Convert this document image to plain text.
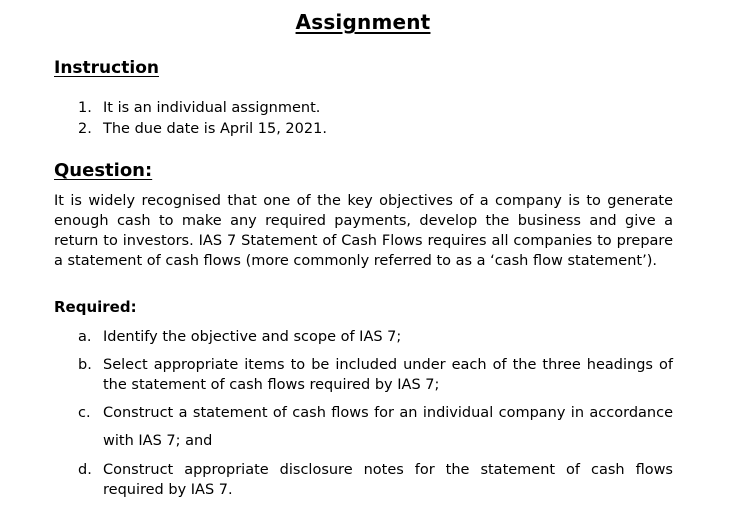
Assignment
Instruction
1. It is an individual assignment.
2. The due date is April 15, 2021.
Question:

It is widely recognised that one of the key objectives of a company is to generate enough cash to make any required payments, develop the business and give a return to investors. IAS 7 Statement of Cash Flows requires all companies to prepare a statement of cash flows (more commonly referred to as a ‘cash flow statement’).

Required:
a. Identify the objective and scope of IAS 7;
b. Select appropriate items to be included under each of the three headings of the statement of cash flows required by IAS 7;
c. Construct a statement of cash flows for an individual company in accordance with IAS 7; and
d. Construct appropriate disclosure notes for the statement of cash flows required by IAS 7.
